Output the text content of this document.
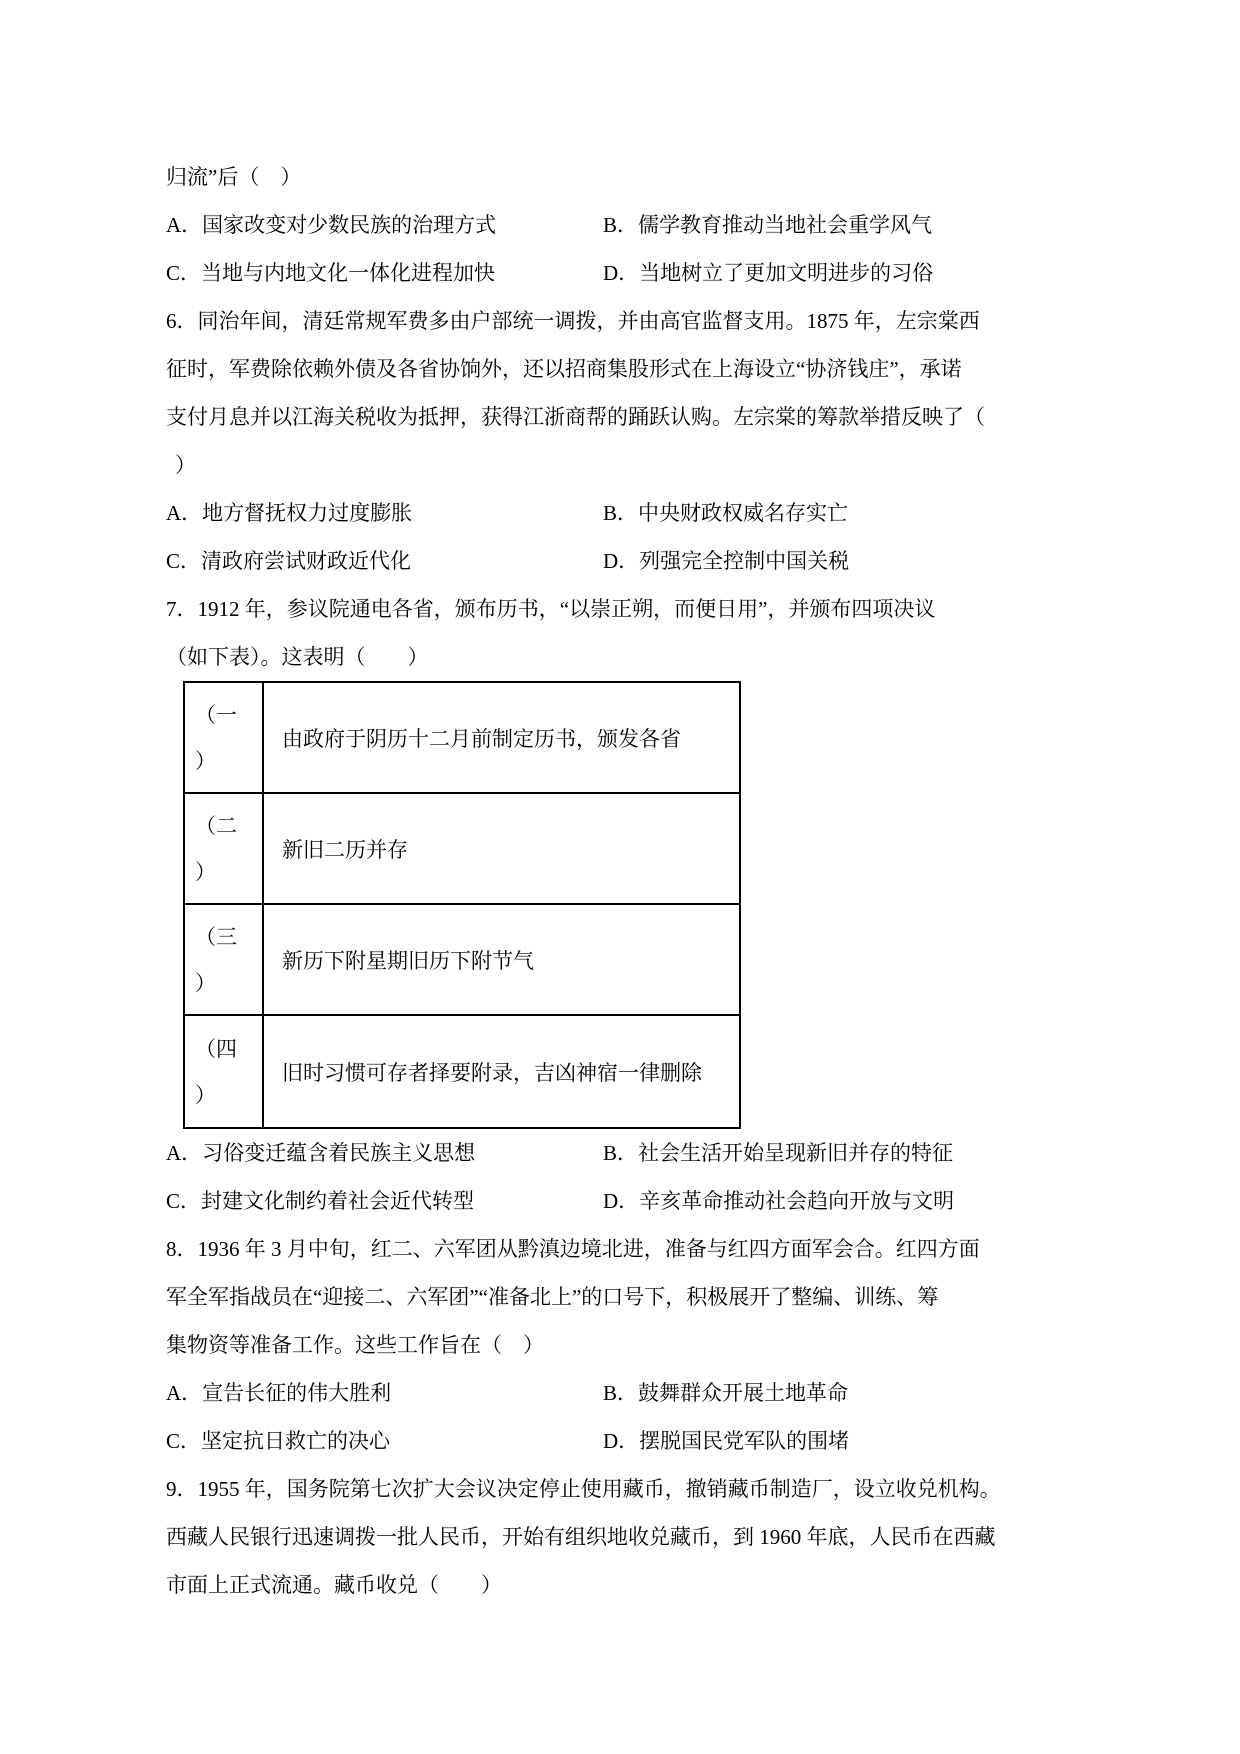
归流”后（　）
A．国家改变对少数民族的治理方式	B．儒学教育推动当地社会重学风气
C．当地与内地文化一体化进程加快	D．当地树立了更加文明进步的习俗
6．同治年间，清廷常规军费多由户部统一调拨，并由高官监督支用。1875 年，左宗棠西
征时，军费除依赖外债及各省协饷外，还以招商集股形式在上海设立“协济钱庄”，承诺
支付月息并以江海关税收为抵押，获得江浙商帮的踊跃认购。左宗棠的筹款举措反映了（
）
A．地方督抚权力过度膨胀	B．中央财政权威名存实亡
C．清政府尝试财政近代化	D．列强完全控制中国关税
7．1912 年，参议院通电各省，颁布历书，“以崇正朔，而便日用”，并颁布四项决议
（如下表）。这表明（　　）
（一）
由政府于阴历十二月前制定历书，颁发各省
（二）
新旧二历并存
（三）
新历下附星期旧历下附节气
（四）
旧时习惯可存者择要附录，吉凶神宿一律删除
A．习俗变迁蕴含着民族主义思想	B．社会生活开始呈现新旧并存的特征
C．封建文化制约着社会近代转型	D．辛亥革命推动社会趋向开放与文明
8．1936 年 3 月中旬，红二、六军团从黔滇边境北进，准备与红四方面军会合。红四方面
军全军指战员在“迎接二、六军团”“准备北上”的口号下，积极展开了整编、训练、筹
集物资等准备工作。这些工作旨在（　）
A．宣告长征的伟大胜利	B．鼓舞群众开展土地革命
C．坚定抗日救亡的决心	D．摆脱国民党军队的围堵
9．1955 年，国务院第七次扩大会议决定停止使用藏币，撤销藏币制造厂，设立收兑机构。
西藏人民银行迅速调拨一批人民币，开始有组织地收兑藏币，到 1960 年底，人民币在西藏
市面上正式流通。藏币收兑（　　）
